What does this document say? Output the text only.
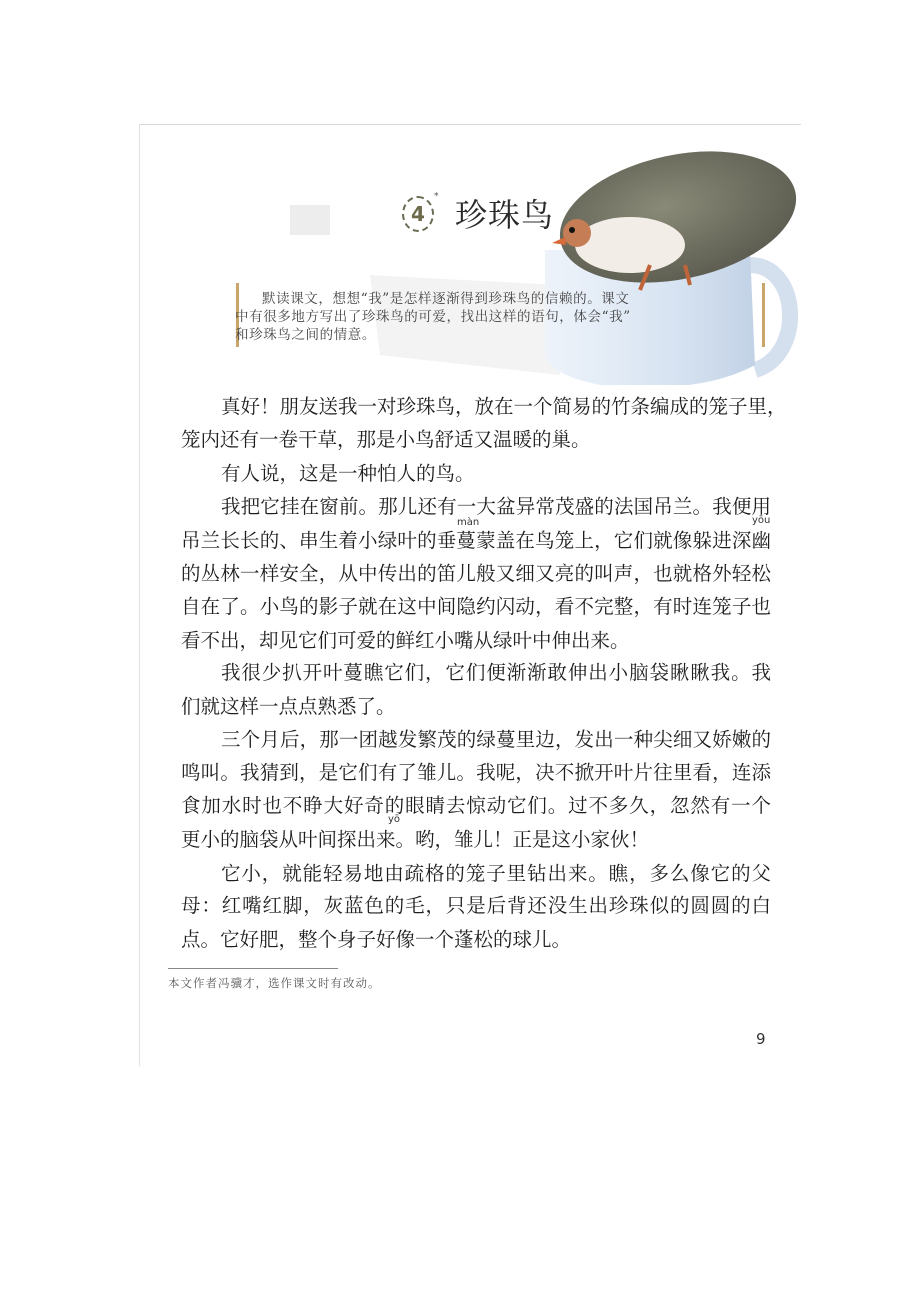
4
* 珍珠鸟
默读课文，想想“我”是怎样逐渐得到珍珠鸟的信赖的。课文
中有很多地方写出了珍珠鸟的可爱，找出这样的语句，体会“我”
和珍珠鸟之间的情意。
真好！朋友送我一对珍珠鸟，放在一个简易的竹条编成的笼子里，
笼内还有一卷干草，那是小鸟舒适又温暖的巢。
有人说，这是一种怕人的鸟。
我把它挂在窗前。那儿还有一大盆异常茂盛的法国吊兰。我便用
màn	yōu
吊兰长长的、串生着小绿叶的垂蔓蒙盖在鸟笼上，它们就像躲进深幽
的丛林一样安全，从中传出的笛儿般又细又亮的叫声，也就格外轻松
自在了。小鸟的影子就在这中间隐约闪动，看不完整，有时连笼子也
看不出，却见它们可爱的鲜红小嘴从绿叶中伸出来。
我很少扒开叶蔓瞧它们，它们便渐渐敢伸出小脑袋瞅瞅我。我
们就这样一点点熟悉了。
三个月后，那一团越发繁茂的绿蔓里边，发出一种尖细又娇嫩的
鸣叫。我猜到，是它们有了雏儿。我呢，决不掀开叶片往里看，连添
食加水时也不睁大好奇的眼睛去惊动它们。过不多久，忽然有一个
yō
更小的脑袋从叶间探出来。哟，雏儿！正是这小家伙！
它小，就能轻易地由疏格的笼子里钻出来。瞧，多么像它的父
母：红嘴红脚，灰蓝色的毛，只是后背还没生出珍珠似的圆圆的白
点。它好肥，整个身子好像一个蓬松的球儿。
本文作者冯骥才，选作课文时有改动。
9
